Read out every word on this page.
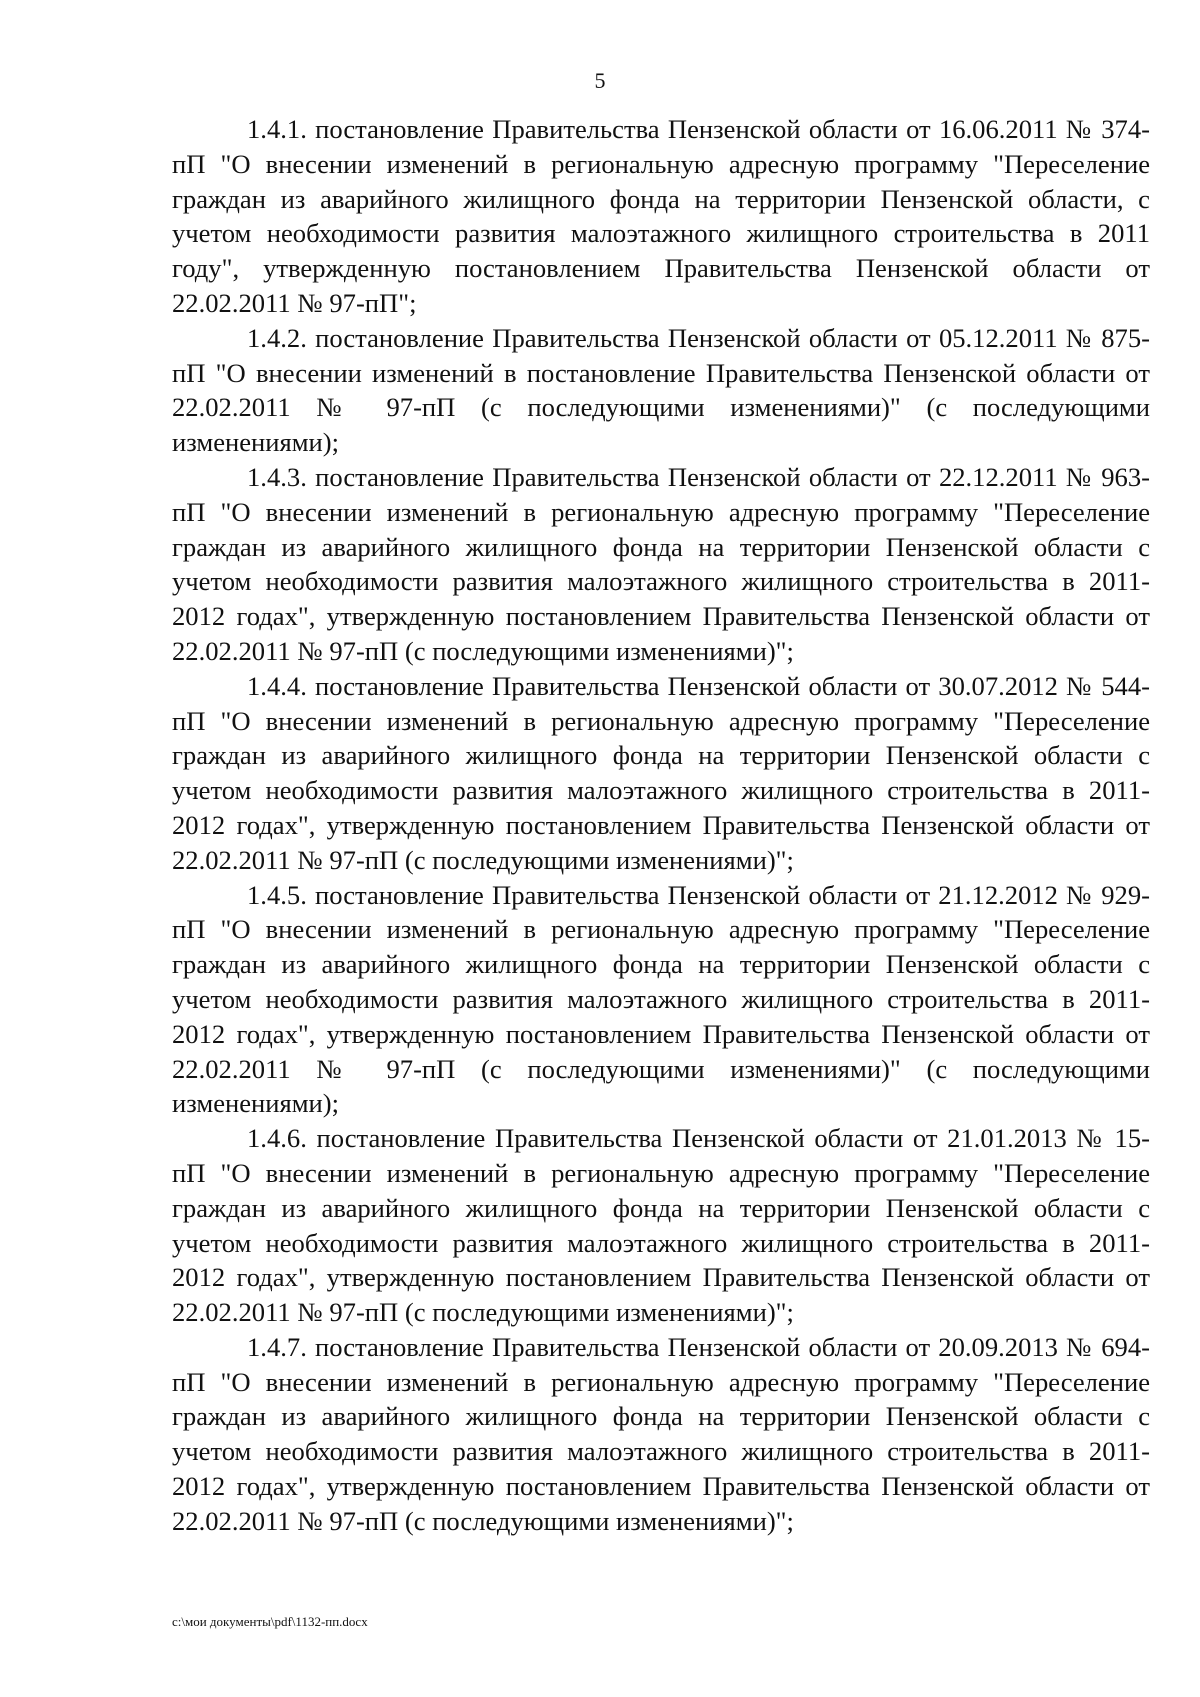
5

1.4.1. постановление Правительства Пензенской области от 16.06.2011 № 374-пП "О внесении изменений в региональную адресную программу "Переселение граждан из аварийного жилищного фонда на территории Пензенской области, с учетом необходимости развития малоэтажного жилищного строительства в 2011 году", утвержденную постановлением Правительства Пензенской области от 22.02.2011 № 97-пП";

1.4.2. постановление Правительства Пензенской области от 05.12.2011 № 875-пП "О внесении изменений в постановление Правительства Пензенской области от 22.02.2011 № 97-пП (с последующими изменениями)" (с последующими изменениями);

1.4.3. постановление Правительства Пензенской области от 22.12.2011 № 963-пП "О внесении изменений в региональную адресную программу "Переселение граждан из аварийного жилищного фонда на территории Пензенской области с учетом необходимости развития малоэтажного жилищного строительства в 2011-2012 годах", утвержденную постановлением Правительства Пензенской области от 22.02.2011 № 97-пП (с последующими изменениями)";

1.4.4. постановление Правительства Пензенской области от 30.07.2012 № 544-пП "О внесении изменений в региональную адресную программу "Переселение граждан из аварийного жилищного фонда на территории Пензенской области с учетом необходимости развития малоэтажного жилищного строительства в 2011-2012 годах", утвержденную постановлением Правительства Пензенской области от 22.02.2011 № 97-пП (с последующими изменениями)";

1.4.5. постановление Правительства Пензенской области от 21.12.2012 № 929-пП "О внесении изменений в региональную адресную программу "Переселение граждан из аварийного жилищного фонда на территории Пензенской области с учетом необходимости развития малоэтажного жилищного строительства в 2011-2012 годах", утвержденную постановлением Правительства Пензенской области от 22.02.2011 № 97-пП (с последующими изменениями)" (с последующими изменениями);

1.4.6. постановление Правительства Пензенской области от 21.01.2013 № 15-пП "О внесении изменений в региональную адресную программу "Переселение граждан из аварийного жилищного фонда на территории Пензенской области с учетом необходимости развития малоэтажного жилищного строительства в 2011-2012 годах", утвержденную постановлением Правительства Пензенской области от 22.02.2011 № 97-пП (с последующими изменениями)";

1.4.7. постановление Правительства Пензенской области от 20.09.2013 № 694-пП "О внесении изменений в региональную адресную программу "Переселение граждан из аварийного жилищного фонда на территории Пензенской области с учетом необходимости развития малоэтажного жилищного строительства в 2011-2012 годах", утвержденную постановлением Правительства Пензенской области от 22.02.2011 № 97-пП (с последующими изменениями)";

c:\мои документы\pdf\1132-пп.docx
